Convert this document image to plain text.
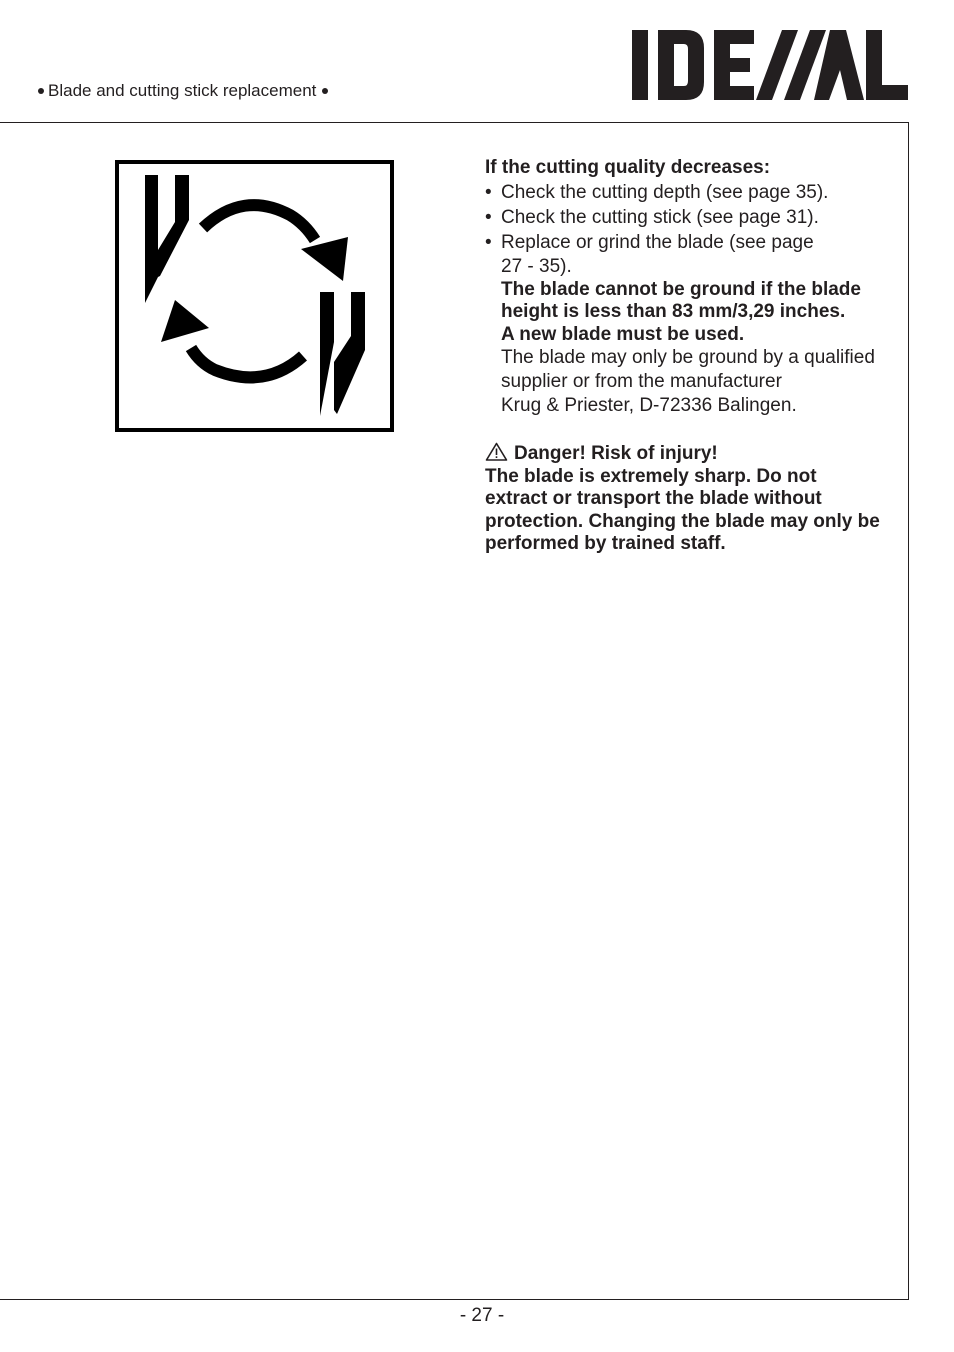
Blade and cutting stick replacement

If the cutting quality decreases:

• Check the cutting depth (see page 35).
• Check the cutting stick (see page 31).
• Replace or grind the blade (see page

27 - 35).

The blade cannot be ground if the blade

height is less than 83 mm/3,29 inches.

A new blade must be used.

The blade may only be ground by a qualified

supplier or from the manufacturer

Krug & Priester, D-72336 Balingen.

Danger! Risk of injury!

The blade is extremely sharp. Do not

extract or transport the blade without

protection. Changing the blade may only be

performed by trained staff.

- 27 -
